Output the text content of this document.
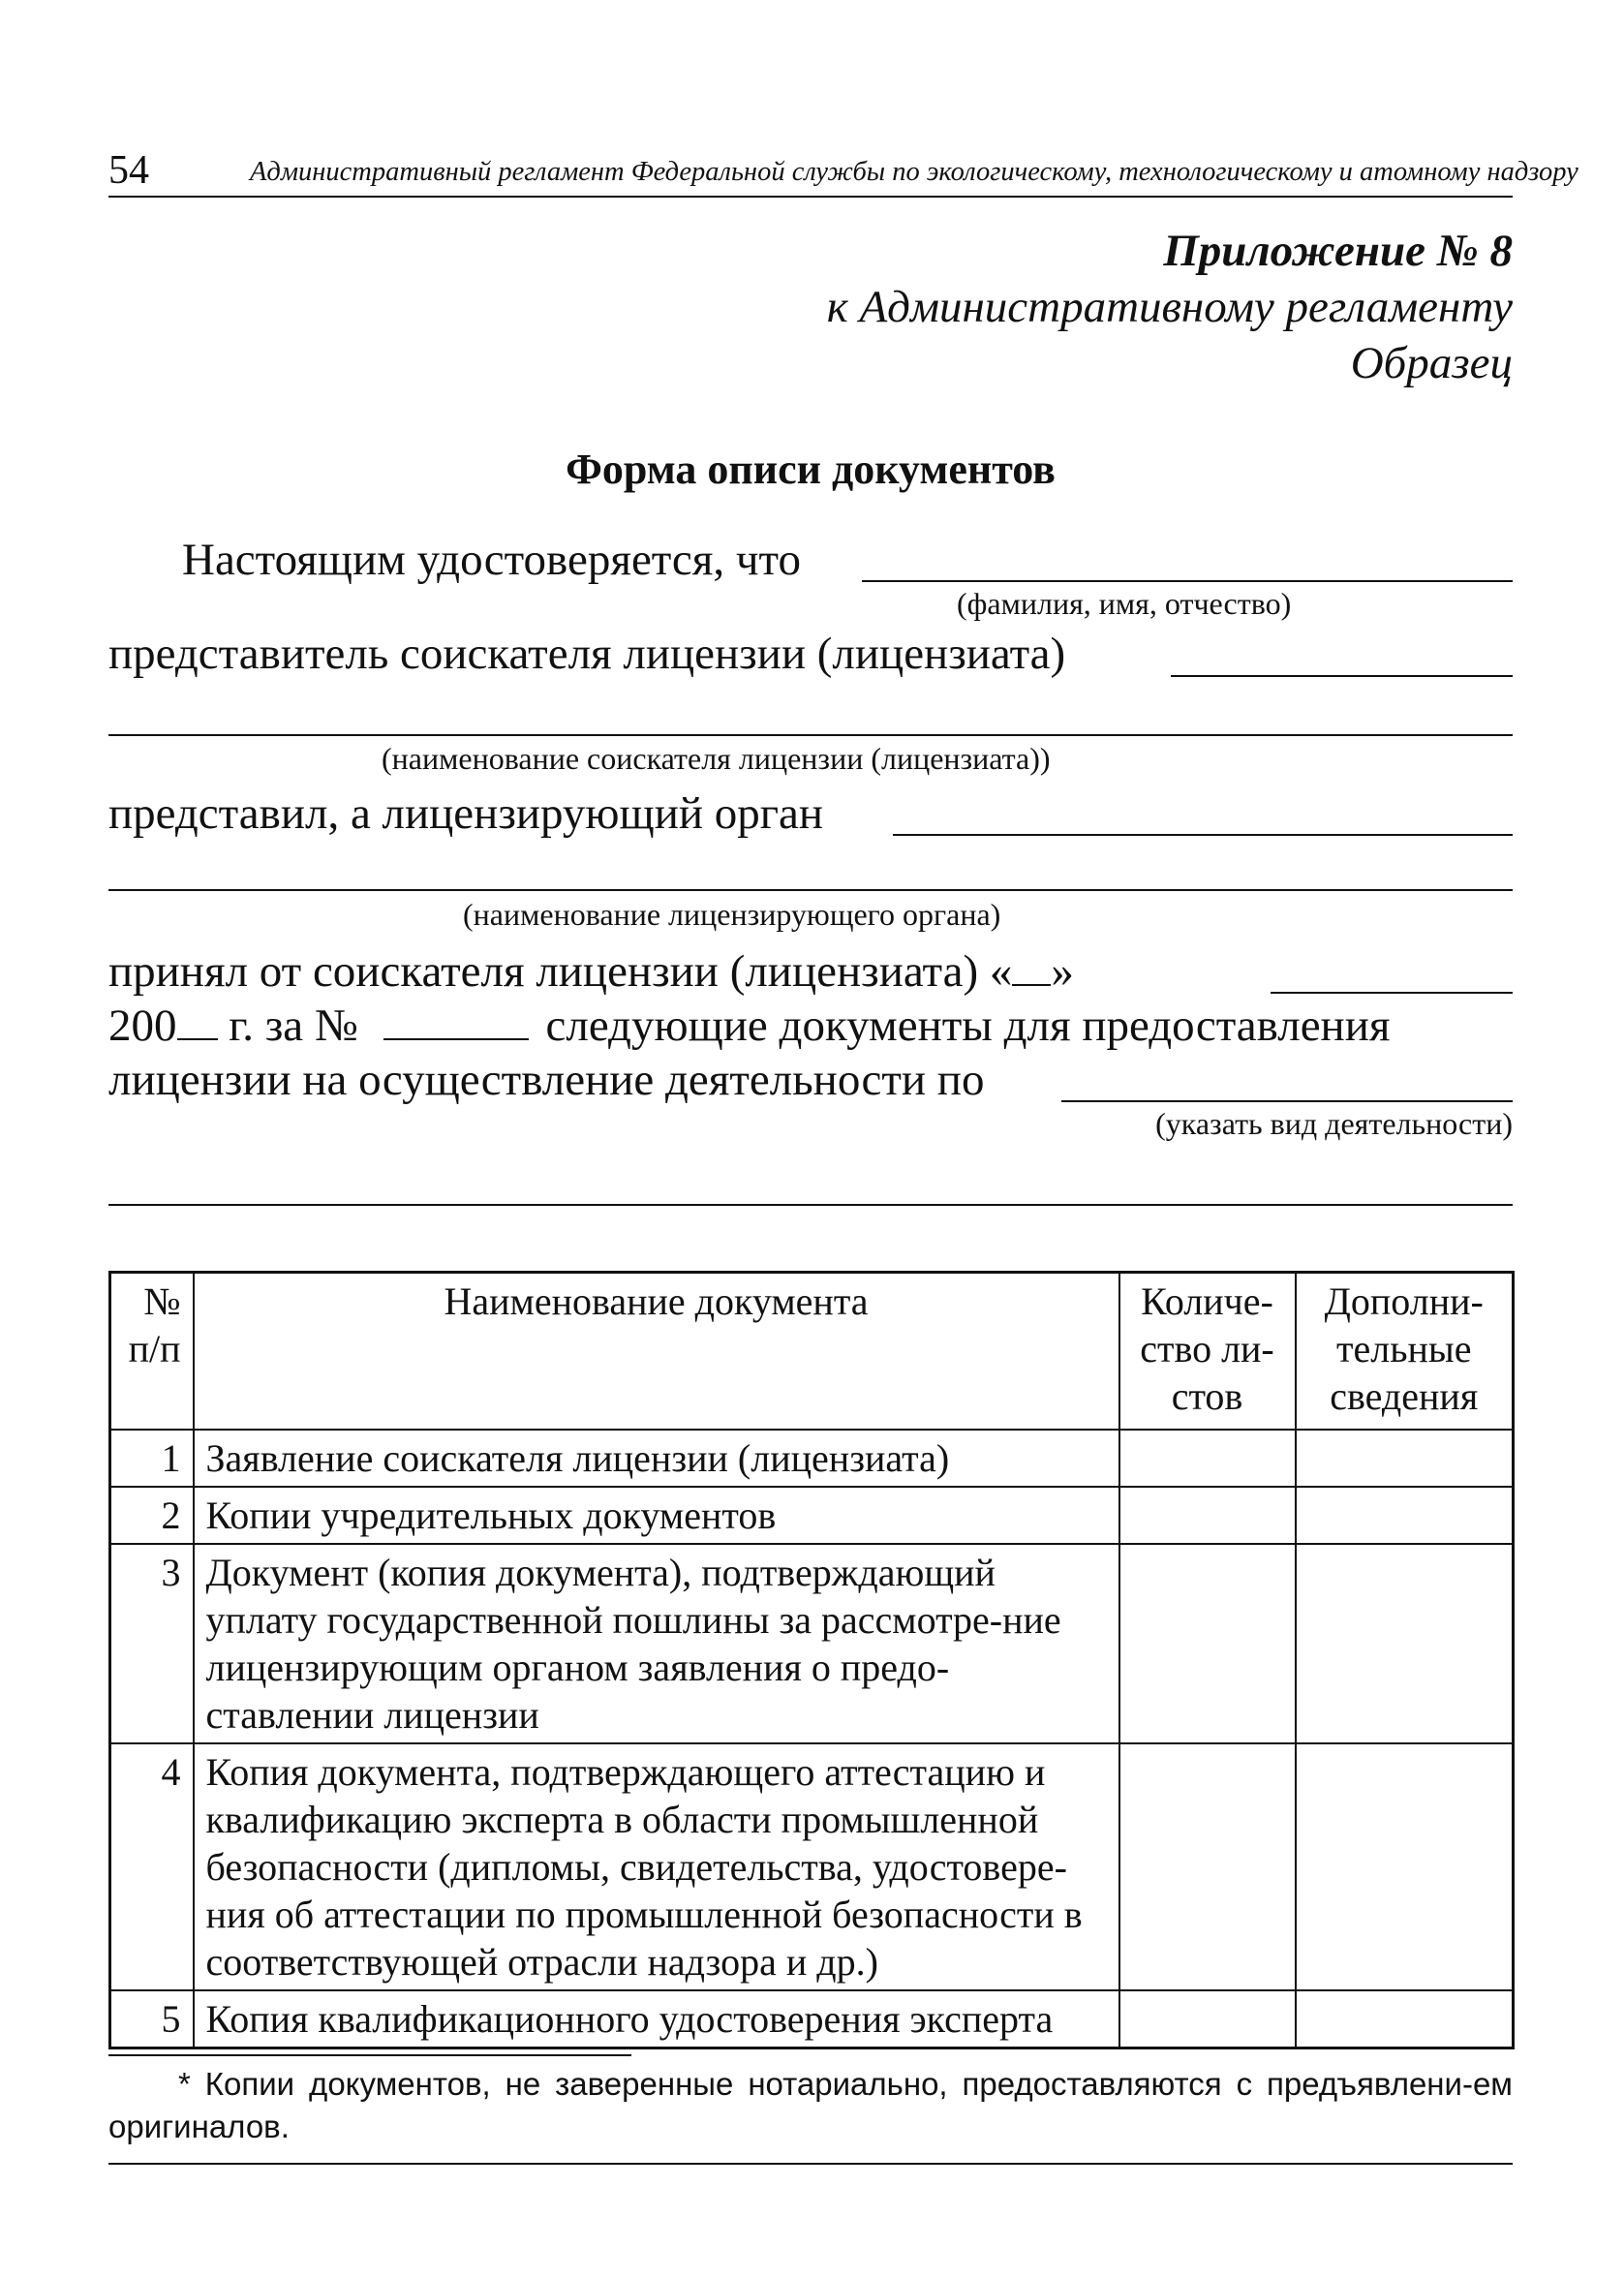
54	Административный регламент Федеральной службы по экологическому, технологическому и атомному надзору
Приложение № 8
к Административному регламенту
Образец
Форма описи документов
Настоящим удостоверяется, что
(фамилия, имя, отчество)
представитель соискателя лицензии (лицензиата)
(наименование соискателя лицензии (лицензиата))
представил, а лицензирующий орган
(наименование лицензирующего органа)
принял от соискателя лицензии (лицензиата) « »
200 г. за №	следующие документы для предоставления
лицензии на осуществление деятельности по
(указать вид деятельности)
№ п/п	Наименование документа	Количе-ство ли-стов	Дополни-тельные сведения
1	Заявление соискателя лицензии (лицензиата)		
2	Копии учредительных документов		
3	Документ (копия документа), подтверждающий уплату государственной пошлины за рассмотре-ние лицензирующим органом заявления о предо-ставлении лицензии		
4	Копия документа, подтверждающего аттестацию и квалификацию эксперта в области промышленной безопасности (дипломы, свидетельства, удостовере-ния об аттестации по промышленной безопасности в соответствующей отрасли надзора и др.)		
5	Копия квалификационного удостоверения эксперта		
* Копии документов, не заверенные нотариально, предоставляются с предъявлени-ем оригиналов.
